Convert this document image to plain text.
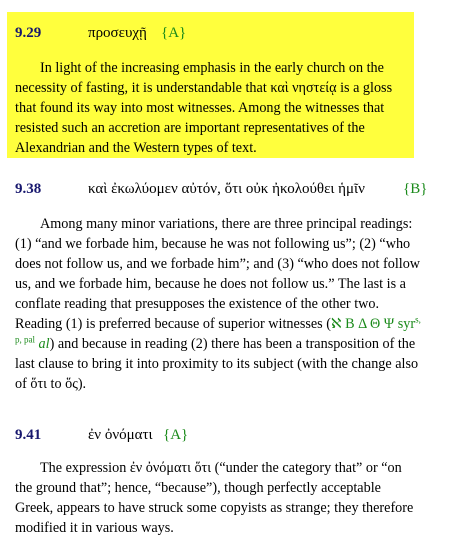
9.29	προσευχῇ {A}

In light of the increasing emphasis in the early church on the necessity of fasting, it is understandable that καὶ νηστείᾳ is a gloss that found its way into most witnesses. Among the witnesses that resisted such an accretion are important representatives of the Alexandrian and the Western types of text.

9.38	καὶ ἐκωλύομεν αὐτόν, ὅτι οὐκ ἠκολούθει ἡμῖν	{B}

Among many minor variations, there are three principal readings: (1) “and we forbade him, because he was not following us”; (2) “who does not follow us, and we forbade him”; and (3) “who does not follow us, and we forbade him, because he does not follow us.” The last is a conflate reading that presupposes the existence of the other two. Reading (1) is preferred because of superior witnesses (ℵ B Δ Θ Ψ syr$^{s, p, pal}$ al) and because in reading (2) there has been a transposition of the last clause to bring it into proximity to its subject (with the change also of ὅτι to ὅς).

9.41	ἐν ὀνόματι {A}

The expression ἐν ὀνόματι ὅτι (“under the category that” or “on the ground that”; hence, “because”), though perfectly acceptable Greek, appears to have struck some copyists as strange; they therefore modified it in various ways.
